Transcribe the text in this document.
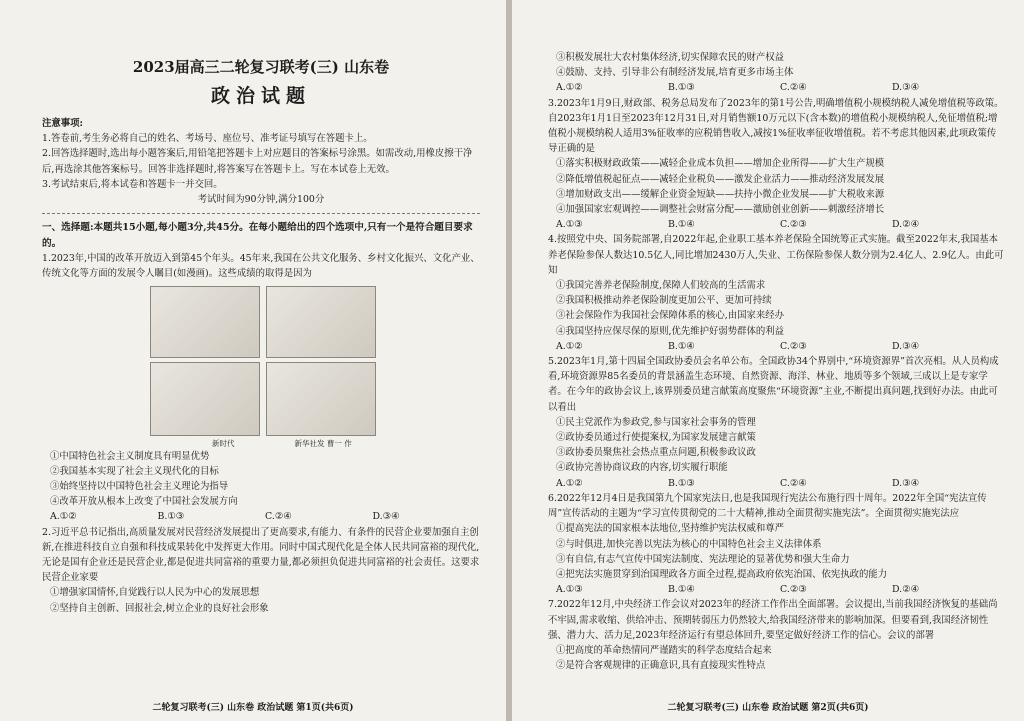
2023届高三二轮复习联考(三) 山东卷
政治试题

注意事项:

1.答卷前,考生务必将自己的姓名、考场号、座位号、准考证号填写在答题卡上。

2.回答选择题时,选出每小题答案后,用铅笔把答题卡上对应题目的答案标号涂黑。如需改动,用橡皮擦干净后,再选涂其他答案标号。回答非选择题时,将答案写在答题卡上。写在本试卷上无效。

3.考试结束后,将本试卷和答题卡一并交回。

考试时间为90分钟,满分100分

一、选择题:本题共15小题,每小题3分,共45分。在每小题给出的四个选项中,只有一个是符合题目要求的。

1.2023年,中国的改革开放迈入到第45个年头。45年来,我国在公共文化服务、乡村文化振兴、文化产业、传统文化等方面的发展令人瞩目(如漫画)。这些成绩的取得是因为

新时代	新华社发 曹一 作

①中国特色社会主义制度具有明显优势

②我国基本实现了社会主义现代化的目标

③始终坚持以中国特色社会主义理论为指导

④改革开放从根本上改变了中国社会发展方向

A.①②	B.①③	C.②④	D.③④

2.习近平总书记指出,高质量发展对民营经济发展提出了更高要求,有能力、有条件的民营企业要加强自主创新,在推进科技自立自强和科技成果转化中发挥更大作用。同时中国式现代化是全体人民共同富裕的现代化,无论是国有企业还是民营企业,都是促进共同富裕的重要力量,都必须担负促进共同富裕的社会责任。这要求民营企业家要

①增强家国情怀,自觉践行以人民为中心的发展思想

②坚持自主创新、回报社会,树立企业的良好社会形象

二轮复习联考(三) 山东卷 政治试题 第1页(共6页)

③积极发展壮大农村集体经济,切实保障农民的财产权益

④鼓励、支持、引导非公有制经济发展,培育更多市场主体

A.①②	B.①③	C.②④	D.③④

3.2023年1月9日,财政部、税务总局发布了2023年的第1号公告,明确增值税小规模纳税人减免增值税等政策。自2023年1月1日至2023年12月31日,对月销售额10万元以下(含本数)的增值税小规模纳税人,免征增值税;增值税小规模纳税人适用3%征收率的应税销售收入,减按1%征收率征收增值税。若不考虑其他因素,此项政策传导正确的是

①落实积极财政政策——减轻企业成本负担——增加企业所得——扩大生产规模

②降低增值税起征点——减轻企业税负——激发企业活力——推动经济发展发展

③增加财政支出——缓解企业资金短缺——扶持小微企业发展——扩大税收来源

④加强国家宏观调控——调整社会财富分配——激励创业创新——刺激经济增长

A.①③	B.①④	C.②③	D.②④

4.按照党中央、国务院部署,自2022年起,企业职工基本养老保险全国统筹正式实施。截至2022年末,我国基本养老保险参保人数达10.5亿人,同比增加2430万人,失业、工伤保险参保人数分别为2.4亿人、2.9亿人。由此可知

①我国完善养老保险制度,保障人们较高的生活需求

②我国积极推动养老保险制度更加公平、更加可持续

③社会保险作为我国社会保障体系的核心,由国家来经办

④我国坚持应保尽保的原则,优先维护好弱势群体的利益

A.①②	B.①④	C.②③	D.③④

5.2023年1月,第十四届全国政协委员会名单公布。全国政协34个界别中,“环境资源界”首次亮相。从人员构成看,环境资源界85名委员的背景涵盖生态环境、自然资源、海洋、林业、地质等多个领域,三成以上是专家学者。在今年的政协会议上,该界别委员建言献策高度聚焦“环境资源”主业,不断提出真问题,找到好办法。由此可以看出

①民主党派作为参政党,参与国家社会事务的管理

②政协委员通过行使提案权,为国家发展建言献策

③政协委员聚焦社会热点重点问题,积极参政议政

④政协完善协商议政的内容,切实履行职能

A.①②	B.①③	C.②④	D.③④

6.2022年12月4日是我国第九个国家宪法日,也是我国现行宪法公布施行四十周年。2022年全国“宪法宣传周”宣传活动的主题为“学习宣传贯彻党的二十大精神,推动全面贯彻实施宪法”。全面贯彻实施宪法应

①提高宪法的国家根本法地位,坚持维护宪法权威和尊严

②与时俱进,加快完善以宪法为核心的中国特色社会主义法律体系

③有自信,有志气宣传中国宪法制度、宪法理论的显著优势和强大生命力

④把宪法实施贯穿到治国理政各方面全过程,提高政府依宪治国、依宪执政的能力

A.①③	B.①④	C.②③	D.②④

7.2022年12月,中央经济工作会议对2023年的经济工作作出全面部署。会议提出,当前我国经济恢复的基础尚不牢固,需求收缩、供给冲击、预期转弱压力仍然较大,给我国经济带来的影响加深。但要看到,我国经济韧性强、潜力大、活力足,2023年经济运行有望总体回升,要坚定做好经济工作的信心。会议的部署

①把高度的革命热情同严谨踏实的科学态度结合起来

②是符合客观规律的正确意识,具有直接现实性特点

二轮复习联考(三) 山东卷 政治试题 第2页(共6页)
